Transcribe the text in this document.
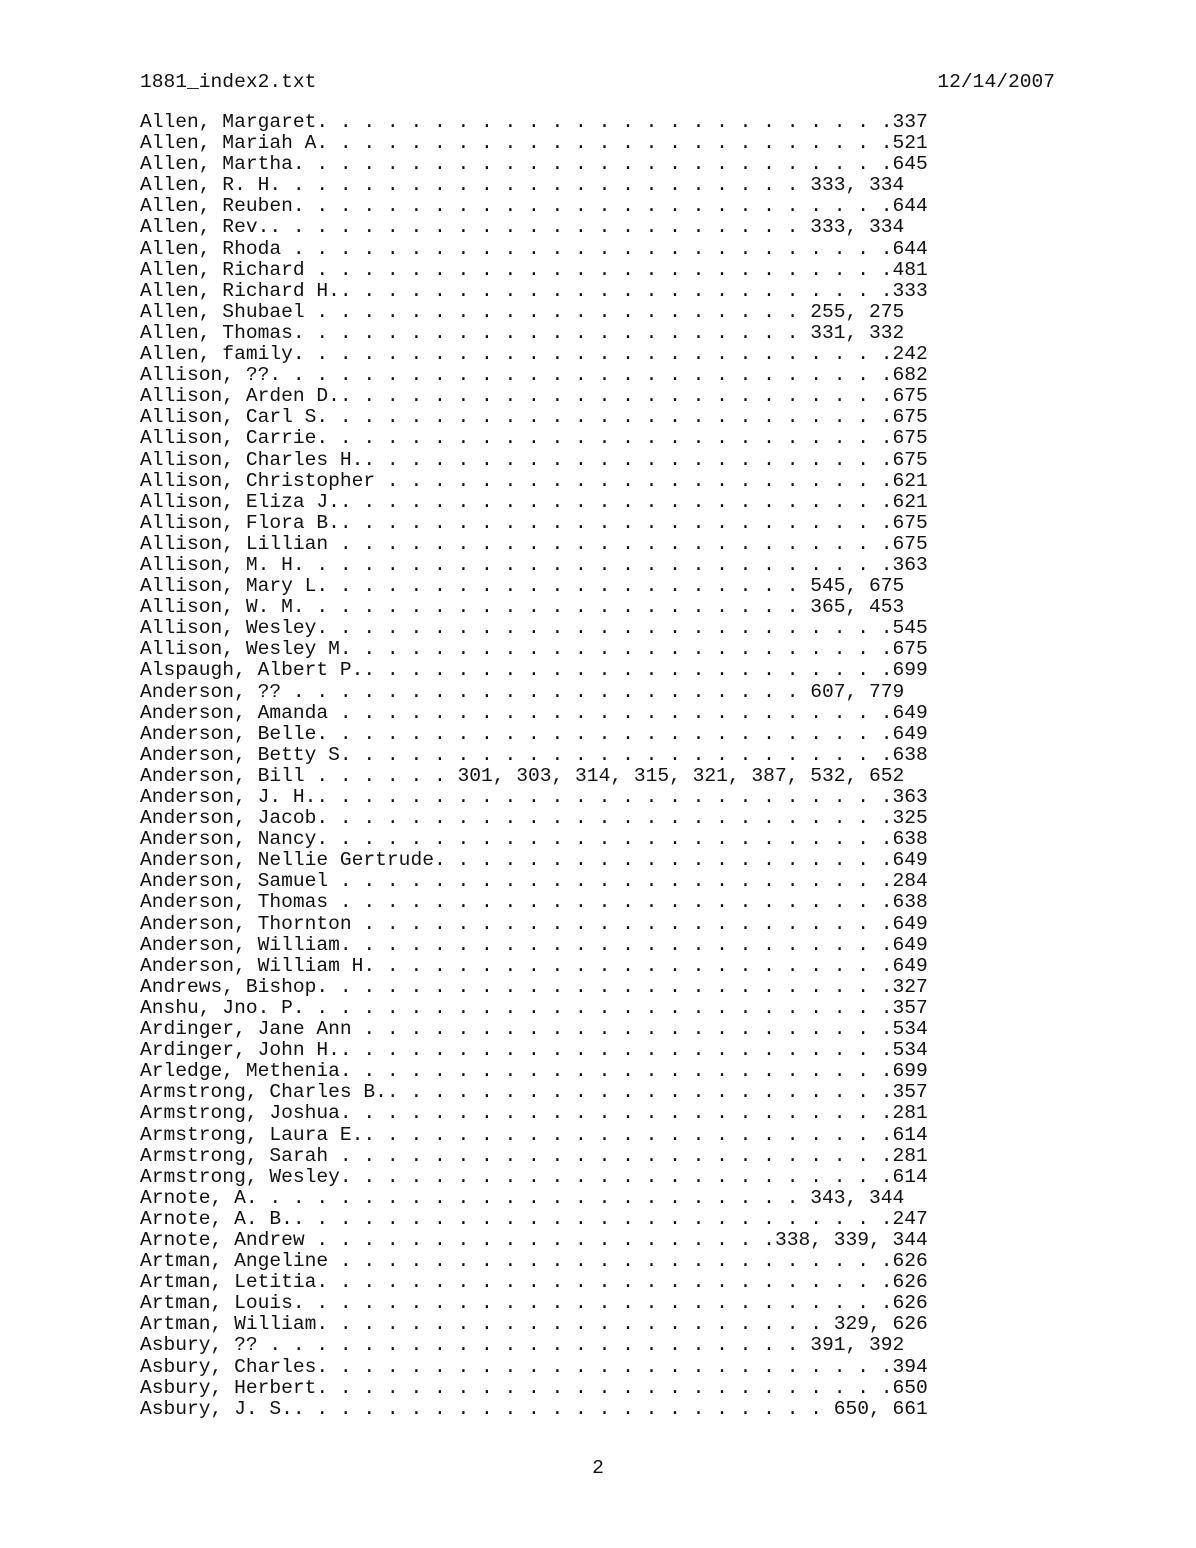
1881_index2.txt	12/14/2007
Allen, Margaret. . . . . . . . . . . . . . . . . . . . . . . . .337
Allen, Mariah A. . . . . . . . . . . . . . . . . . . . . . . . .521
Allen, Martha. . . . . . . . . . . . . . . . . . . . . . . . . .645
Allen, R. H. . . . . . . . . . . . . . . . . . . . . . . 333, 334
Allen, Reuben. . . . . . . . . . . . . . . . . . . . . . . . . .644
Allen, Rev.. . . . . . . . . . . . . . . . . . . . . . . 333, 334
Allen, Rhoda . . . . . . . . . . . . . . . . . . . . . . . . . .644
Allen, Richard . . . . . . . . . . . . . . . . . . . . . . . . .481
Allen, Richard H.. . . . . . . . . . . . . . . . . . . . . . . .333
Allen, Shubael . . . . . . . . . . . . . . . . . . . . . 255, 275
Allen, Thomas. . . . . . . . . . . . . . . . . . . . . . 331, 332
Allen, family. . . . . . . . . . . . . . . . . . . . . . . . . .242
Allison, ??. . . . . . . . . . . . . . . . . . . . . . . . . . .682
Allison, Arden D.. . . . . . . . . . . . . . . . . . . . . . . .675
Allison, Carl S. . . . . . . . . . . . . . . . . . . . . . . . .675
Allison, Carrie. . . . . . . . . . . . . . . . . . . . . . . . .675
Allison, Charles H.. . . . . . . . . . . . . . . . . . . . . . .675
Allison, Christopher . . . . . . . . . . . . . . . . . . . . . .621
Allison, Eliza J.. . . . . . . . . . . . . . . . . . . . . . . .621
Allison, Flora B.. . . . . . . . . . . . . . . . . . . . . . . .675
Allison, Lillian . . . . . . . . . . . . . . . . . . . . . . . .675
Allison, M. H. . . . . . . . . . . . . . . . . . . . . . . . . .363
Allison, Mary L. . . . . . . . . . . . . . . . . . . . . 545, 675
Allison, W. M. . . . . . . . . . . . . . . . . . . . . . 365, 453
Allison, Wesley. . . . . . . . . . . . . . . . . . . . . . . . .545
Allison, Wesley M. . . . . . . . . . . . . . . . . . . . . . . .675
Alspaugh, Albert P.. . . . . . . . . . . . . . . . . . . . . . .699
Anderson, ?? . . . . . . . . . . . . . . . . . . . . . . 607, 779
Anderson, Amanda . . . . . . . . . . . . . . . . . . . . . . . .649
Anderson, Belle. . . . . . . . . . . . . . . . . . . . . . . . .649
Anderson, Betty S. . . . . . . . . . . . . . . . . . . . . . . .638
Anderson, Bill . . . . . . 301, 303, 314, 315, 321, 387, 532, 652
Anderson, J. H.. . . . . . . . . . . . . . . . . . . . . . . . .363
Anderson, Jacob. . . . . . . . . . . . . . . . . . . . . . . . .325
Anderson, Nancy. . . . . . . . . . . . . . . . . . . . . . . . .638
Anderson, Nellie Gertrude. . . . . . . . . . . . . . . . . . . .649
Anderson, Samuel . . . . . . . . . . . . . . . . . . . . . . . .284
Anderson, Thomas . . . . . . . . . . . . . . . . . . . . . . . .638
Anderson, Thornton . . . . . . . . . . . . . . . . . . . . . . .649
Anderson, William. . . . . . . . . . . . . . . . . . . . . . . .649
Anderson, William H. . . . . . . . . . . . . . . . . . . . . . .649
Andrews, Bishop. . . . . . . . . . . . . . . . . . . . . . . . .327
Anshu, Jno. P. . . . . . . . . . . . . . . . . . . . . . . . . .357
Ardinger, Jane Ann . . . . . . . . . . . . . . . . . . . . . . .534
Ardinger, John H.. . . . . . . . . . . . . . . . . . . . . . . .534
Arledge, Methenia. . . . . . . . . . . . . . . . . . . . . . . .699
Armstrong, Charles B.. . . . . . . . . . . . . . . . . . . . . .357
Armstrong, Joshua. . . . . . . . . . . . . . . . . . . . . . . .281
Armstrong, Laura E.. . . . . . . . . . . . . . . . . . . . . . .614
Armstrong, Sarah . . . . . . . . . . . . . . . . . . . . . . . .281
Armstrong, Wesley. . . . . . . . . . . . . . . . . . . . . . . .614
Arnote, A. . . . . . . . . . . . . . . . . . . . . . . . 343, 344
Arnote, A. B.. . . . . . . . . . . . . . . . . . . . . . . . . .247
Arnote, Andrew . . . . . . . . . . . . . . . . . . . .338, 339, 344
Artman, Angeline . . . . . . . . . . . . . . . . . . . . . . . .626
Artman, Letitia. . . . . . . . . . . . . . . . . . . . . . . . .626
Artman, Louis. . . . . . . . . . . . . . . . . . . . . . . . . .626
Artman, William. . . . . . . . . . . . . . . . . . . . . . 329, 626
Asbury, ?? . . . . . . . . . . . . . . . . . . . . . . . 391, 392
Asbury, Charles. . . . . . . . . . . . . . . . . . . . . . . . .394
Asbury, Herbert. . . . . . . . . . . . . . . . . . . . . . . . .650
Asbury, J. S.. . . . . . . . . . . . . . . . . . . . . . . 650, 661
2
